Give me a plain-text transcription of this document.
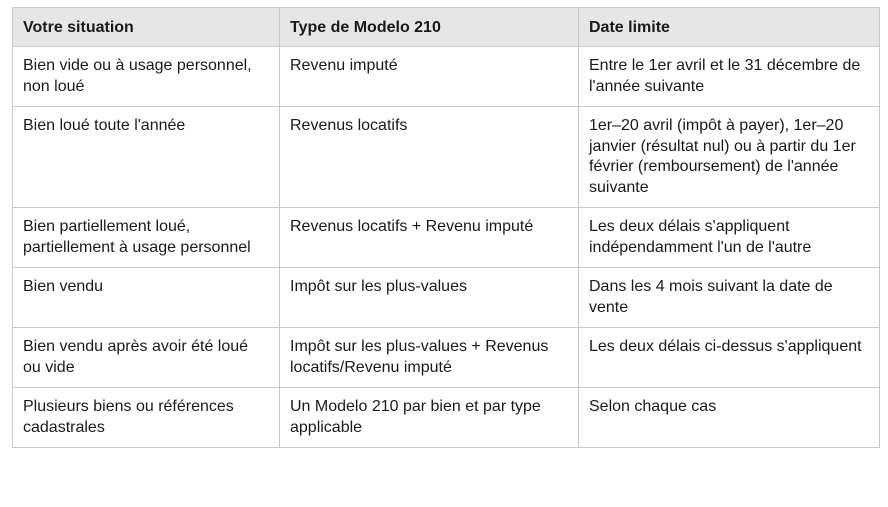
Votre situation	Type de Modelo 210	Date limite
Bien vide ou à usage personnel, non loué	Revenu imputé	Entre le 1er avril et le 31 décembre de l'année suivante
Bien loué toute l'année	Revenus locatifs	1er–20 avril (impôt à payer), 1er–20 janvier (résultat nul) ou à partir du 1er février (remboursement) de l'année suivante
Bien partiellement loué, partiellement à usage personnel	Revenus locatifs + Revenu imputé	Les deux délais s'appliquent indépendamment l'un de l'autre
Bien vendu	Impôt sur les plus-values	Dans les 4 mois suivant la date de vente
Bien vendu après avoir été loué ou vide	Impôt sur les plus-values + Revenus locatifs/Revenu imputé	Les deux délais ci-dessus s'appliquent
Plusieurs biens ou références cadastrales	Un Modelo 210 par bien et par type applicable	Selon chaque cas
